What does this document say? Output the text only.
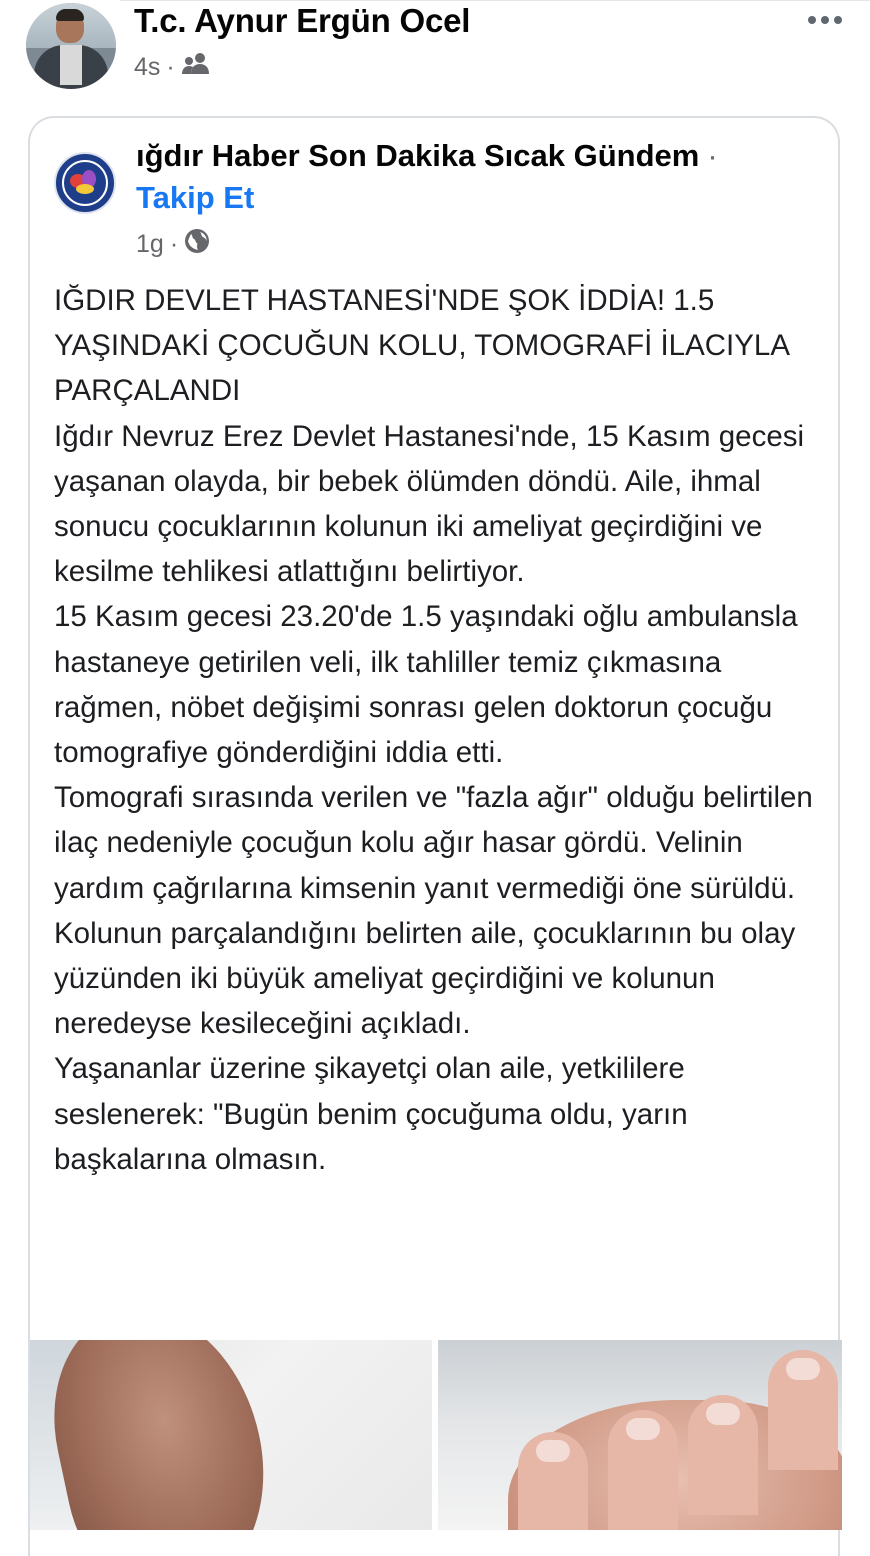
T.c. Aynur Ergün Ocel
4s ·
ığdır Haber Son Dakika Sıcak Gündem ·
Takip Et
1g ·

IĞDIR DEVLET HASTANESİ'NDE ŞOK İDDİA! 1.5 YAŞINDAKİ ÇOCUĞUN KOLU, TOMOGRAFİ İLACIYLA PARÇALANDI

Iğdır Nevruz Erez Devlet Hastanesi'nde, 15 Kasım gecesi yaşanan olayda, bir bebek ölümden döndü. Aile, ihmal sonucu çocuklarının kolunun iki ameliyat geçirdiğini ve kesilme tehlikesi atlattığını belirtiyor.

15 Kasım gecesi 23.20'de 1.5 yaşındaki oğlu ambulansla hastaneye getirilen veli, ilk tahliller temiz çıkmasına rağmen, nöbet değişimi sonrası gelen doktorun çocuğu tomografiye gönderdiğini iddia etti.

Tomografi sırasında verilen ve "fazla ağır" olduğu belirtilen ilaç nedeniyle çocuğun kolu ağır hasar gördü. Velinin yardım çağrılarına kimsenin yanıt vermediği öne sürüldü.

Kolunun parçalandığını belirten aile, çocuklarının bu olay yüzünden iki büyük ameliyat geçirdiğini ve kolunun neredeyse kesileceğini açıkladı.

Yaşananlar üzerine şikayetçi olan aile, yetkililere seslenerek: "Bugün benim çocuğuma oldu, yarın başkalarına olmasın.
